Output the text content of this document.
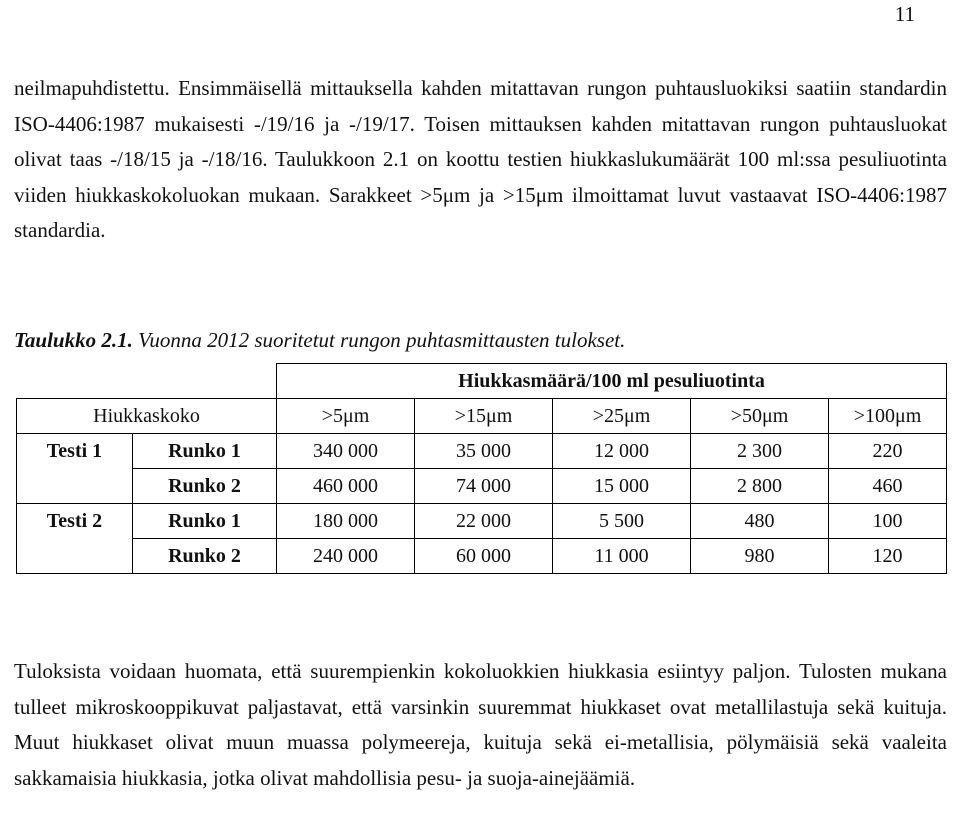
11

neilmapuhdistettu. Ensimmäisellä mittauksella kahden mitattavan rungon puhtausluokiksi saatiin standardin ISO-4406:1987 mukaisesti -/19/16 ja -/19/17. Toisen mittauksen kahden mitattavan rungon puhtausluokat olivat taas -/18/15 ja -/18/16. Taulukkoon 2.1 on koottu testien hiukkaslukumäärät 100 ml:ssa pesuliuotinta viiden hiukkaskokoluokan mukaan. Sarakkeet >5μm ja >15μm ilmoittamat luvut vastaavat ISO-4406:1987 standardia.

Taulukko 2.1. Vuonna 2012 suoritetut rungon puhtasmittausten tulokset.

		Hiukkasmäärä/100 ml pesuliuotinta				
Hiukkaskoko		>5μm	>15μm	>25μm	>50μm	>100μm
Testi 1	Runko 1	340 000	35 000	12 000	2 300	220
	Runko 2	460 000	74 000	15 000	2 800	460
Testi 2	Runko 1	180 000	22 000	5 500	480	100
	Runko 2	240 000	60 000	11 000	980	120

Tuloksista voidaan huomata, että suurempienkin kokoluokkien hiukkasia esiintyy paljon. Tulosten mukana tulleet mikroskooppikuvat paljastavat, että varsinkin suuremmat hiukkaset ovat metallilastuja sekä kuituja. Muut hiukkaset olivat muun muassa polymeereja, kuituja sekä ei-metallisia, pölymäisiä sekä vaaleita sakkamaisia hiukkasia, jotka olivat mahdollisia pesu- ja suoja-ainejäämiä.
